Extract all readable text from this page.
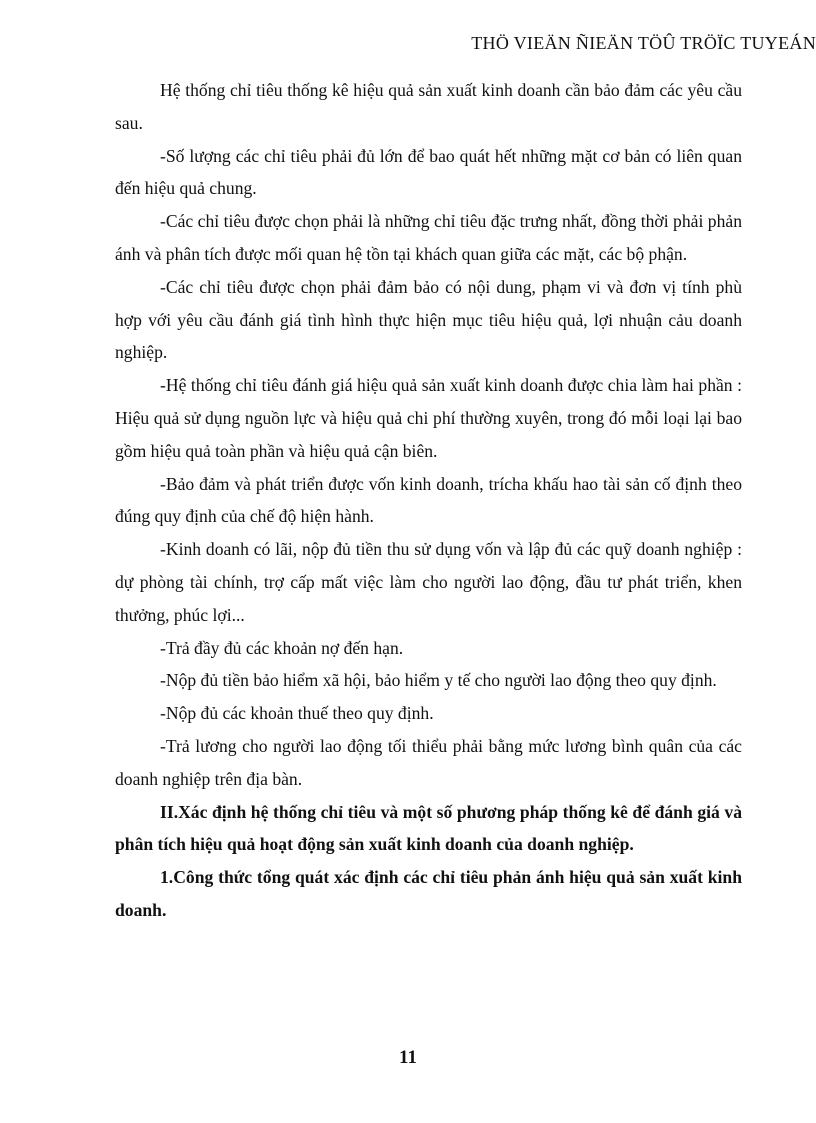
THÖ VIEÄN ÑIEÄN TÖÛ TRÖÏC TUYEÁN

Hệ thống chỉ tiêu thống kê hiệu quả sản xuất kinh doanh cần bảo đảm các yêu cầu sau.

-Số lượng các chỉ tiêu phải đủ lớn để bao quát hết những mặt cơ bản có liên quan đến hiệu quả chung.

-Các chỉ tiêu được chọn phải là những chỉ tiêu đặc trưng nhất, đồng thời phải phản ánh và phân tích được mối quan hệ tồn tại khách quan giữa các mặt, các bộ phận.

-Các chỉ tiêu được chọn phải đảm bảo có nội dung, phạm vi và đơn vị tính phù hợp với yêu cầu đánh giá tình hình thực hiện mục tiêu hiệu quả, lợi nhuận cảu doanh nghiệp.

-Hệ thống chỉ tiêu đánh giá hiệu quả sản xuất kinh doanh được chia làm hai phần : Hiệu quả sử dụng nguồn lực và hiệu quả chi phí thường xuyên, trong đó mỗi loại lại bao gồm hiệu quả toàn phần và hiệu quả cận biên.

-Bảo đảm và phát triển được vốn kinh doanh, trícha khấu hao tài sản cố định theo đúng quy định của chế độ hiện hành.

-Kinh doanh có lãi, nộp đủ tiền thu sử dụng vốn và lập đủ các quỹ doanh nghiệp : dự phòng tài chính, trợ cấp mất việc làm cho người lao động, đầu tư phát triển, khen thưởng, phúc lợi...

-Trả đầy đủ các khoản nợ đến hạn.

-Nộp đủ tiền bảo hiểm xã hội, bảo hiểm y tế cho người lao động theo quy định.

-Nộp đủ các khoản thuế theo quy định.

-Trả lương cho người lao động tối thiểu phải bằng mức lương bình quân của các doanh nghiệp trên địa bàn.

II.Xác định hệ thống chỉ tiêu và một số phương pháp thống kê để đánh giá và phân tích hiệu quả hoạt động sản xuất kinh doanh của doanh nghiệp.

1.Công thức tổng quát xác định các chỉ tiêu phản ánh hiệu quả sản xuất kinh doanh.

11
